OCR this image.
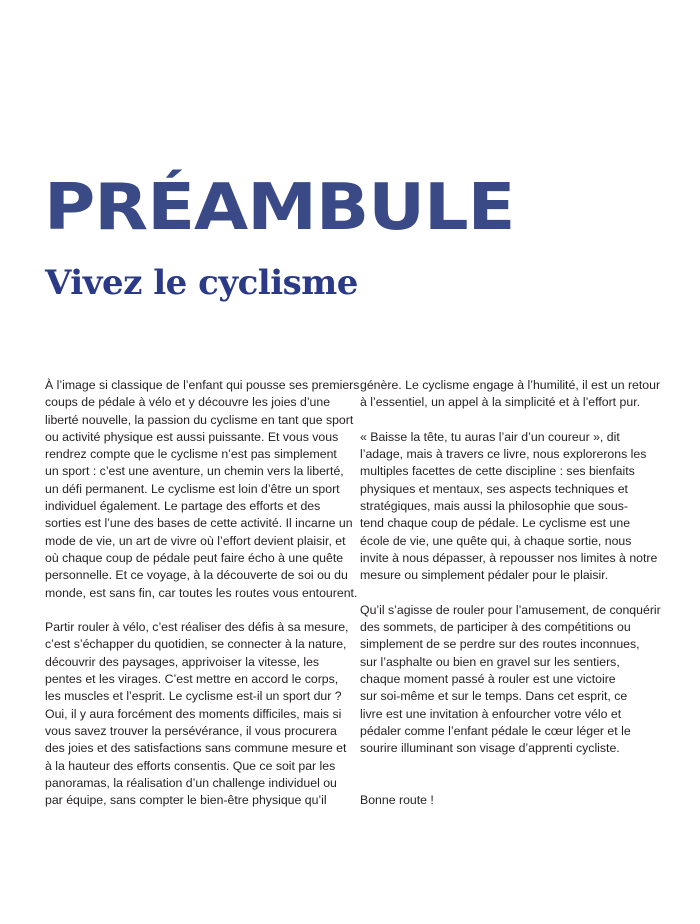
PRÉAMBULE
Vivez le cyclisme
À l’image si classique de l’enfant qui pousse ses premiers
coups de pédale à vélo et y découvre les joies d’une
liberté nouvelle, la passion du cyclisme en tant que sport
ou activité physique est aussi puissante. Et vous vous
rendrez compte que le cyclisme n’est pas simplement
un sport : c’est une aventure, un chemin vers la liberté,
un défi permanent. Le cyclisme est loin d’être un sport
individuel également. Le partage des efforts et des
sorties est l’une des bases de cette activité. Il incarne un
mode de vie, un art de vivre où l’effort devient plaisir, et
où chaque coup de pédale peut faire écho à une quête
personnelle. Et ce voyage, à la découverte de soi ou du
monde, est sans fin, car toutes les routes vous entourent.
Partir rouler à vélo, c’est réaliser des défis à sa mesure,
c’est s’échapper du quotidien, se connecter à la nature,
découvrir des paysages, apprivoiser la vitesse, les
pentes et les virages. C’est mettre en accord le corps,
les muscles et l’esprit. Le cyclisme est-il un sport dur ?
Oui, il y aura forcément des moments difficiles, mais si
vous savez trouver la persévérance, il vous procurera
des joies et des satisfactions sans commune mesure et
à la hauteur des efforts consentis. Que ce soit par les
panoramas, la réalisation d’un challenge individuel ou
par équipe, sans compter le bien-être physique qu’il
génère. Le cyclisme engage à l’humilité, il est un retour
à l’essentiel, un appel à la simplicité et à l’effort pur.
« Baisse la tête, tu auras l’air d’un coureur », dit
l’adage, mais à travers ce livre, nous explorerons les
multiples facettes de cette discipline : ses bienfaits
physiques et mentaux, ses aspects techniques et
stratégiques, mais aussi la philosophie que sous-
tend chaque coup de pédale. Le cyclisme est une
école de vie, une quête qui, à chaque sortie, nous
invite à nous dépasser, à repousser nos limites à notre
mesure ou simplement pédaler pour le plaisir.
Qu’il s’agisse de rouler pour l’amusement, de conquérir
des sommets, de participer à des compétitions ou
simplement de se perdre sur des routes inconnues,
sur l’asphalte ou bien en gravel sur les sentiers,
chaque moment passé à rouler est une victoire
sur soi-même et sur le temps. Dans cet esprit, ce
livre est une invitation à enfourcher votre vélo et
pédaler comme l’enfant pédale le cœur léger et le
sourire illuminant son visage d’apprenti cycliste.
Bonne route !
